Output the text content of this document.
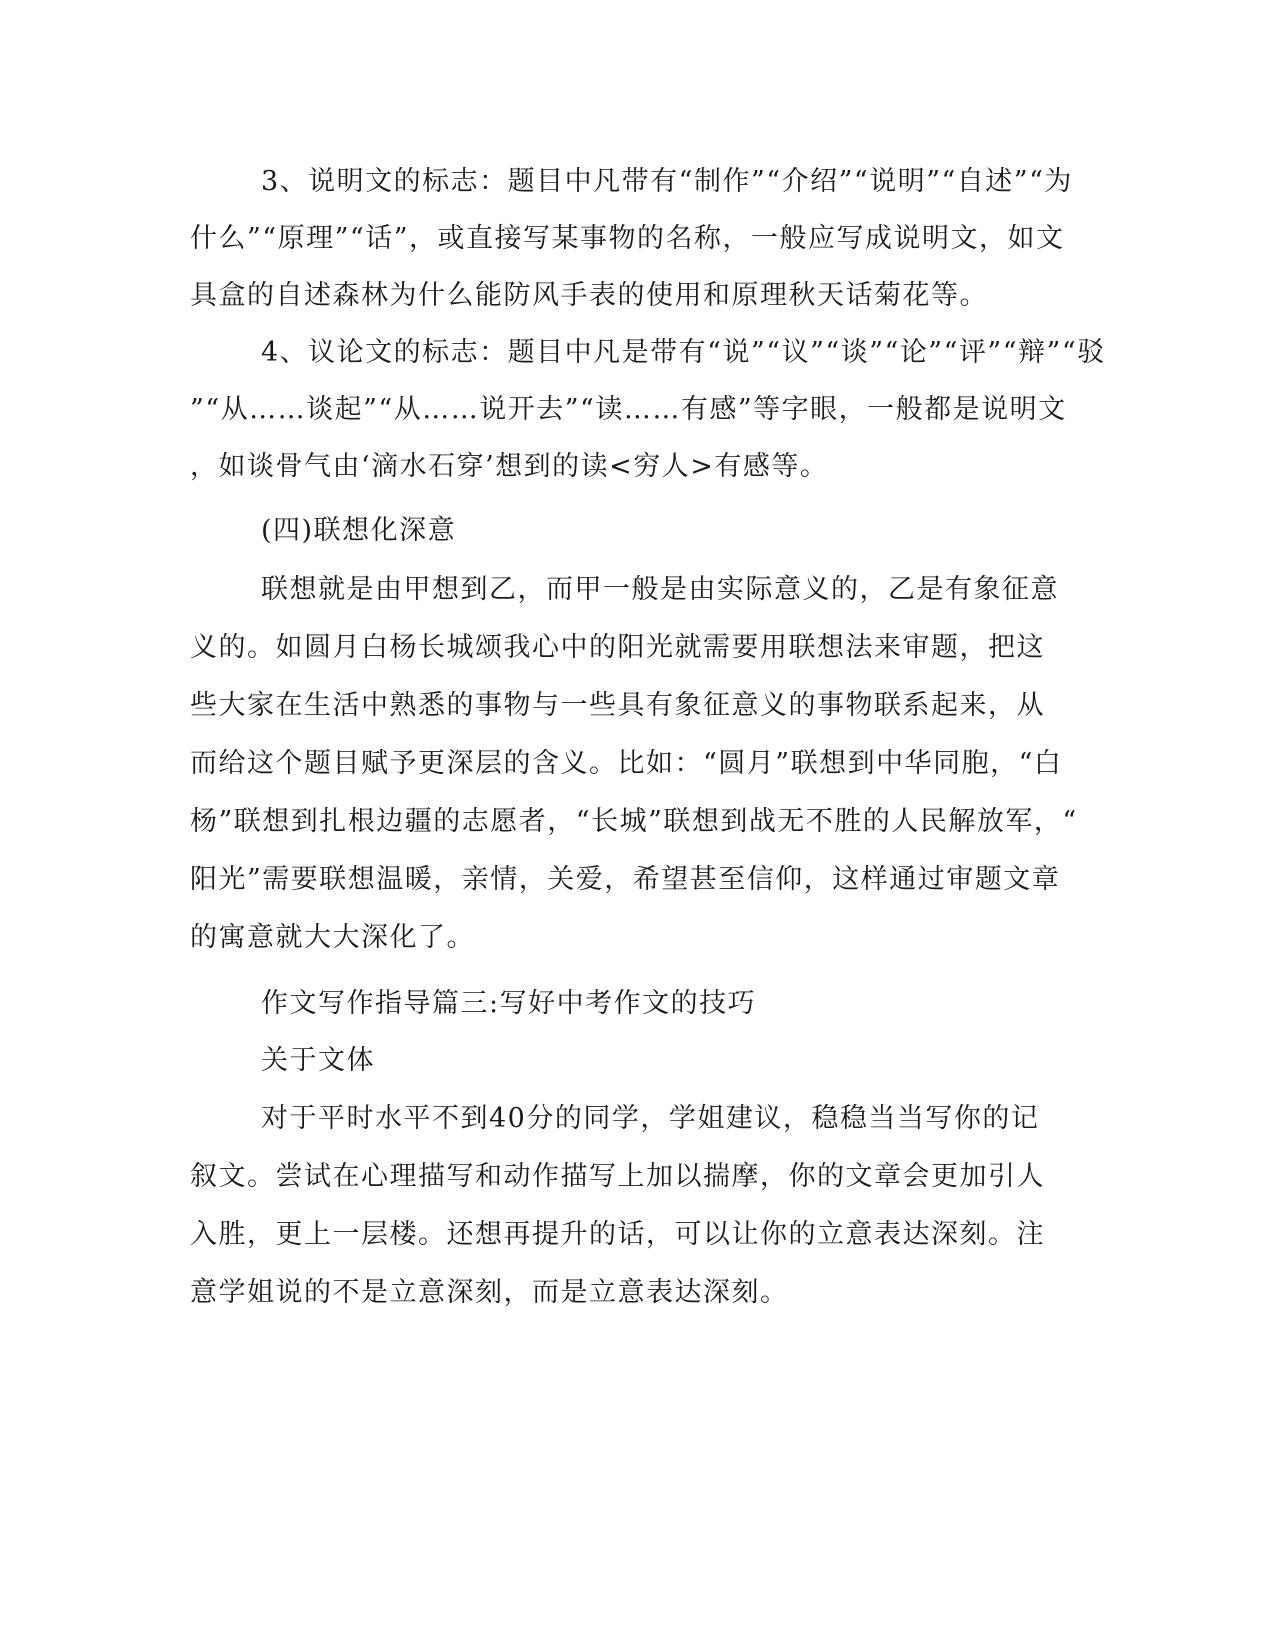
3、说明文的标志：题目中凡带有“制作”“介绍”“说明”“自述”“为
什么”“原理”“话”，或直接写某事物的名称，一般应写成说明文，如文
具盒的自述森林为什么能防风手表的使用和原理秋天话菊花等。
4、议论文的标志：题目中凡是带有“说”“议”“谈”“论”“评”“辩”“驳
”“从……谈起”“从……说开去”“读……有感”等字眼，一般都是说明文
，如谈骨气由‘滴水石穿’想到的读<穷人>有感等。
(四)联想化深意
联想就是由甲想到乙，而甲一般是由实际意义的，乙是有象征意
义的。如圆月白杨长城颂我心中的阳光就需要用联想法来审题，把这
些大家在生活中熟悉的事物与一些具有象征意义的事物联系起来，从
而给这个题目赋予更深层的含义。比如：“圆月”联想到中华同胞，“白
杨”联想到扎根边疆的志愿者，“长城”联想到战无不胜的人民解放军，“
阳光”需要联想温暖，亲情，关爱，希望甚至信仰，这样通过审题文章
的寓意就大大深化了。
作文写作指导篇三:写好中考作文的技巧
关于文体
对于平时水平不到40分的同学，学姐建议，稳稳当当写你的记
叙文。尝试在心理描写和动作描写上加以揣摩，你的文章会更加引人
入胜，更上一层楼。还想再提升的话，可以让你的立意表达深刻。注
意学姐说的不是立意深刻，而是立意表达深刻。
